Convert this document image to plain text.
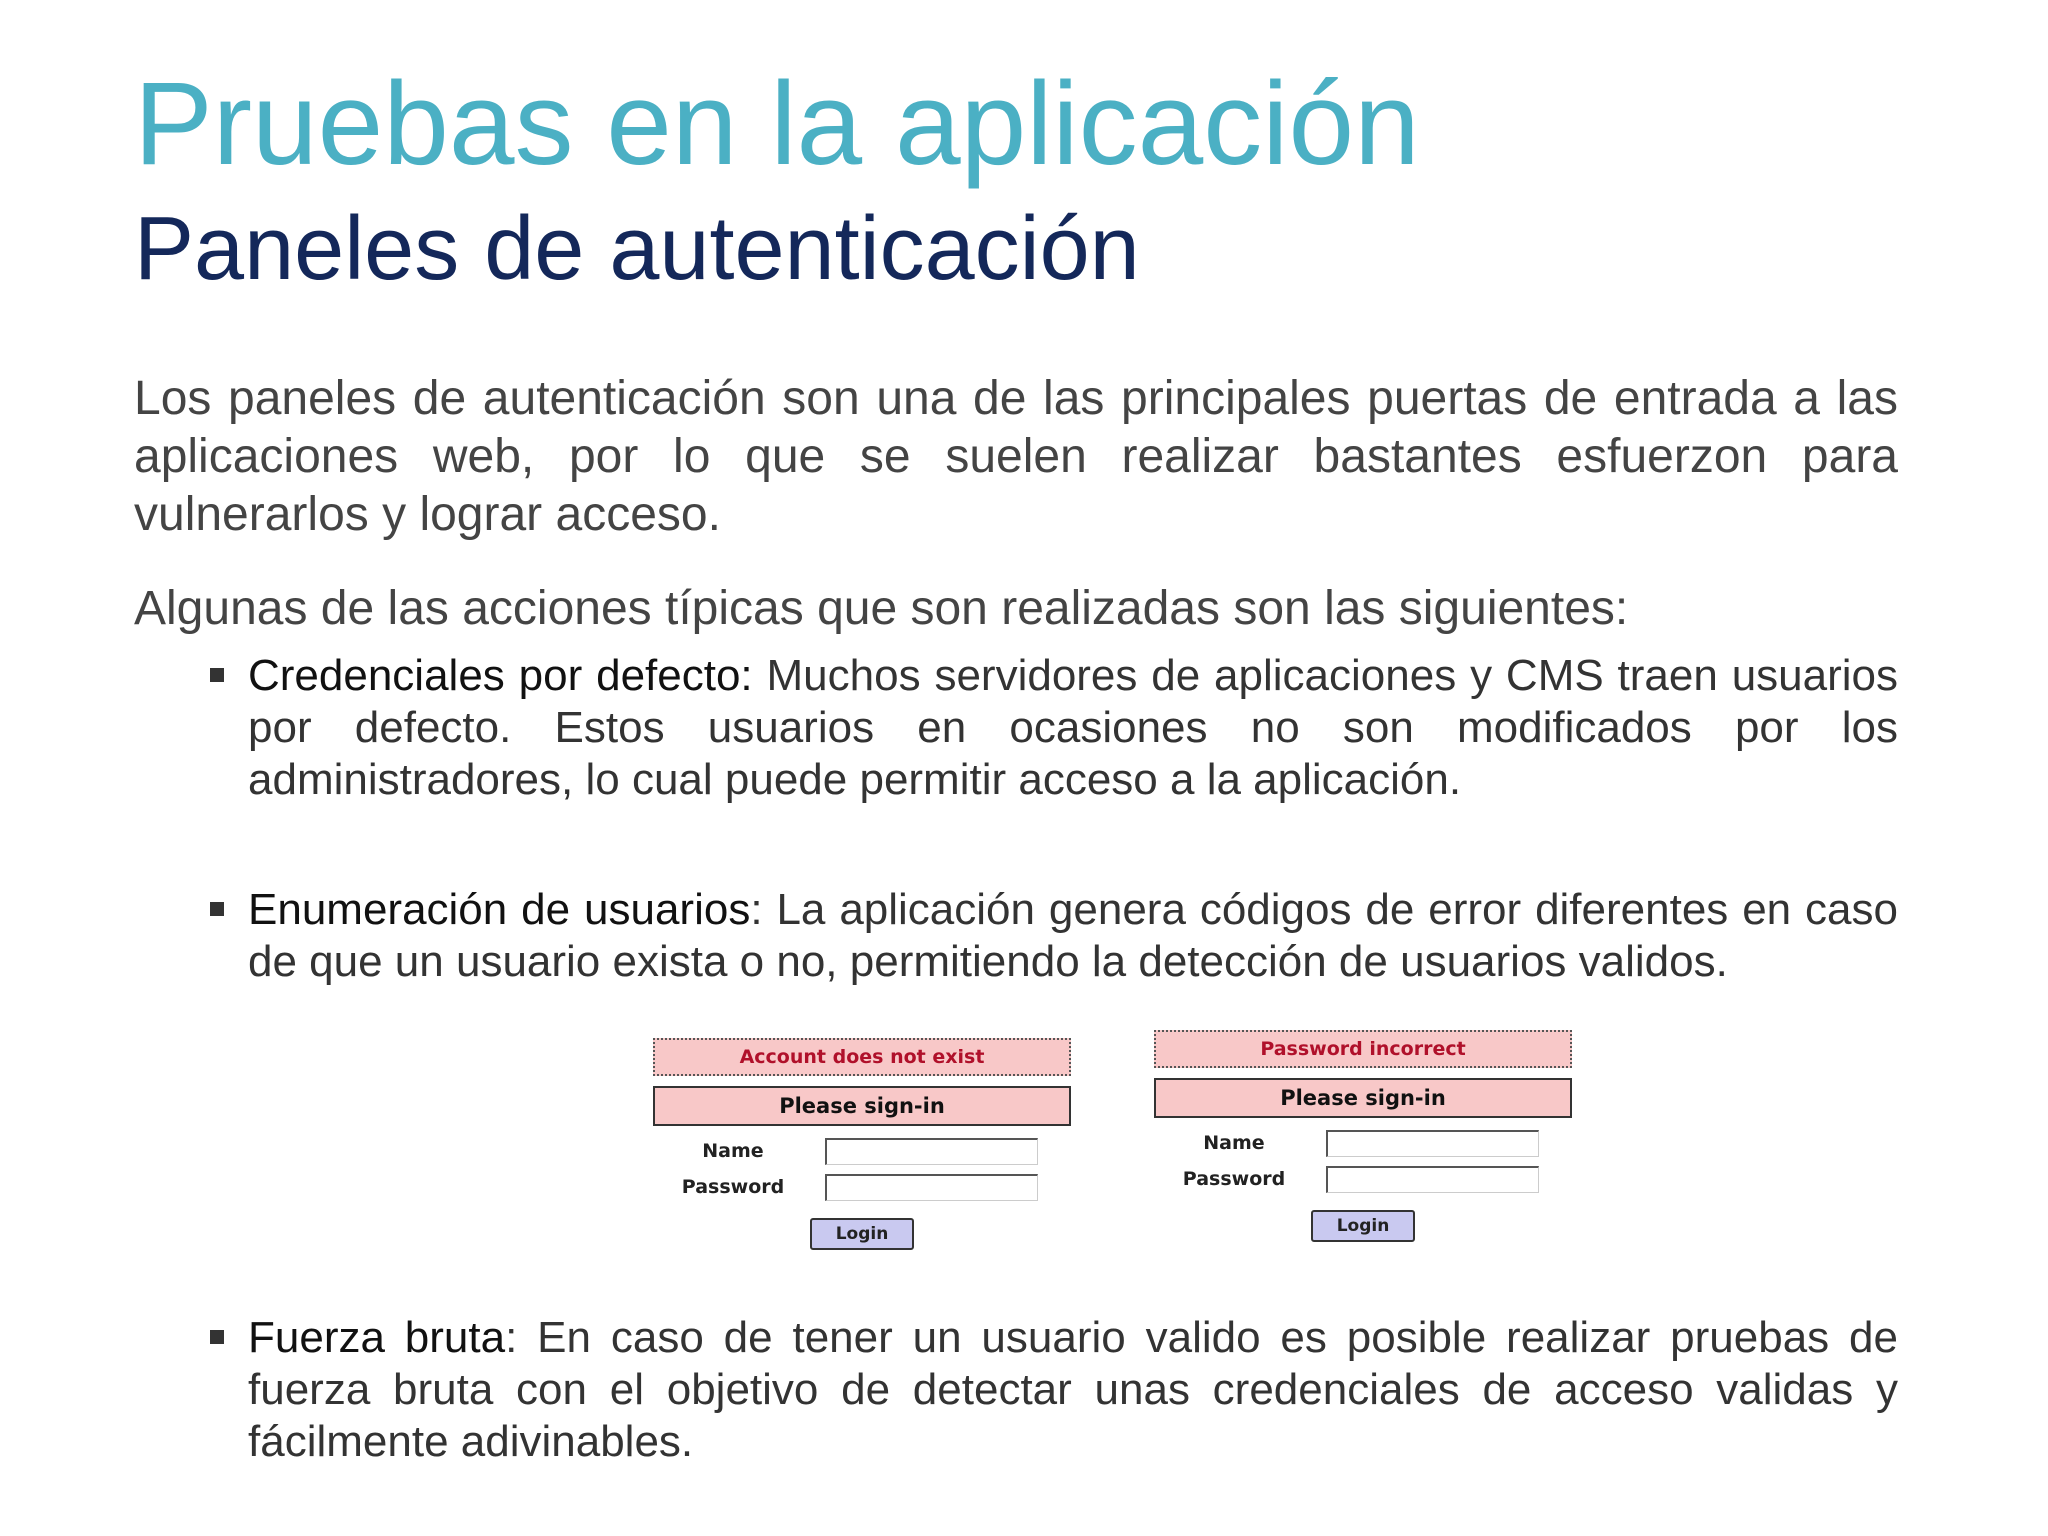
Pruebas en la aplicación
Paneles de autenticación

Los paneles de autenticación son una de las principales puertas de entrada a las aplicaciones web, por lo que se suelen realizar bastantes esfuerzon para vulnerarlos y lograr acceso.

Algunas de las acciones típicas que son realizadas son las siguientes:

Credenciales por defecto: Muchos servidores de aplicaciones y CMS traen usuarios por defecto. Estos usuarios en ocasiones no son modificados por los administradores, lo cual puede permitir acceso a la aplicación.

Enumeración de usuarios: La aplicación genera códigos de error diferentes en caso de que un usuario exista o no, permitiendo la detección de usuarios validos.

Account does not exist
Please sign-in
Name
Password
Login
Password incorrect
Please sign-in
Name
Password
Login

Fuerza bruta: En caso de tener un usuario valido es posible realizar pruebas de fuerza bruta con el objetivo de detectar unas credenciales de acceso validas y fácilmente adivinables.
